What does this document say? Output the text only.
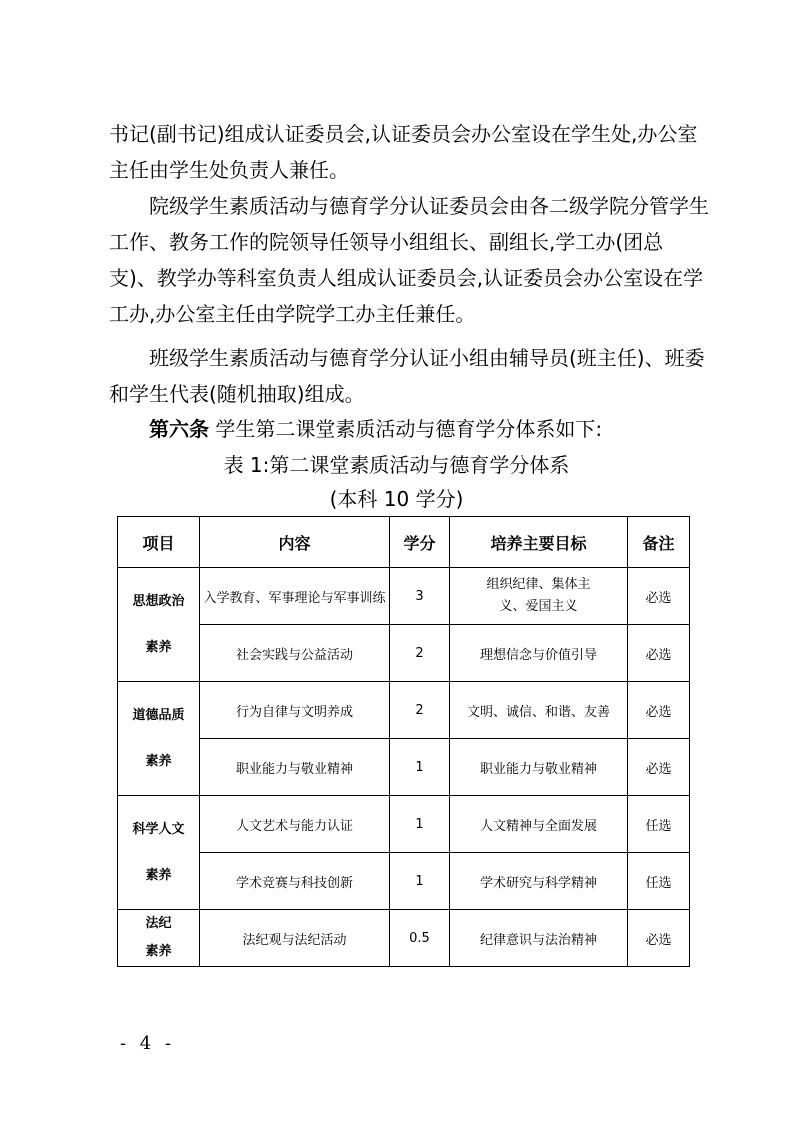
书记(副书记)组成认证委员会,认证委员会办公室设在学生处,办公室主任由学生处负责人兼任。

院级学生素质活动与德育学分认证委员会由各二级学院分管学生工作、教务工作的院领导任领导小组组长、副组长,学工办(团总支)、教学办等科室负责人组成认证委员会,认证委员会办公室设在学工办,办公室主任由学院学工办主任兼任。

班级学生素质活动与德育学分认证小组由辅导员(班主任)、班委和学生代表(随机抽取)组成。

第六条 学生第二课堂素质活动与德育学分体系如下:

表 1:第二课堂素质活动与德育学分体系
(本科 10 学分)
项目	内容	学分	培养主要目标	备注

思想政治
素养	入学教育、军事理论与军事训练	3	组织纪律、集体主义、爱国主义	必选
	社会实践与公益活动	2	理想信念与价值引导	必选

道德品质
素养	行为自律与文明养成	2	文明、诚信、和谐、友善	必选
	职业能力与敬业精神	1	职业能力与敬业精神	必选

科学人文
素养	人文艺术与能力认证	1	人文精神与全面发展	任选
	学术竞赛与科技创新	1	学术研究与科学精神	任选

法纪
素养	法纪观与法纪活动	0.5	纪律意识与法治精神	必选
- 4 -
